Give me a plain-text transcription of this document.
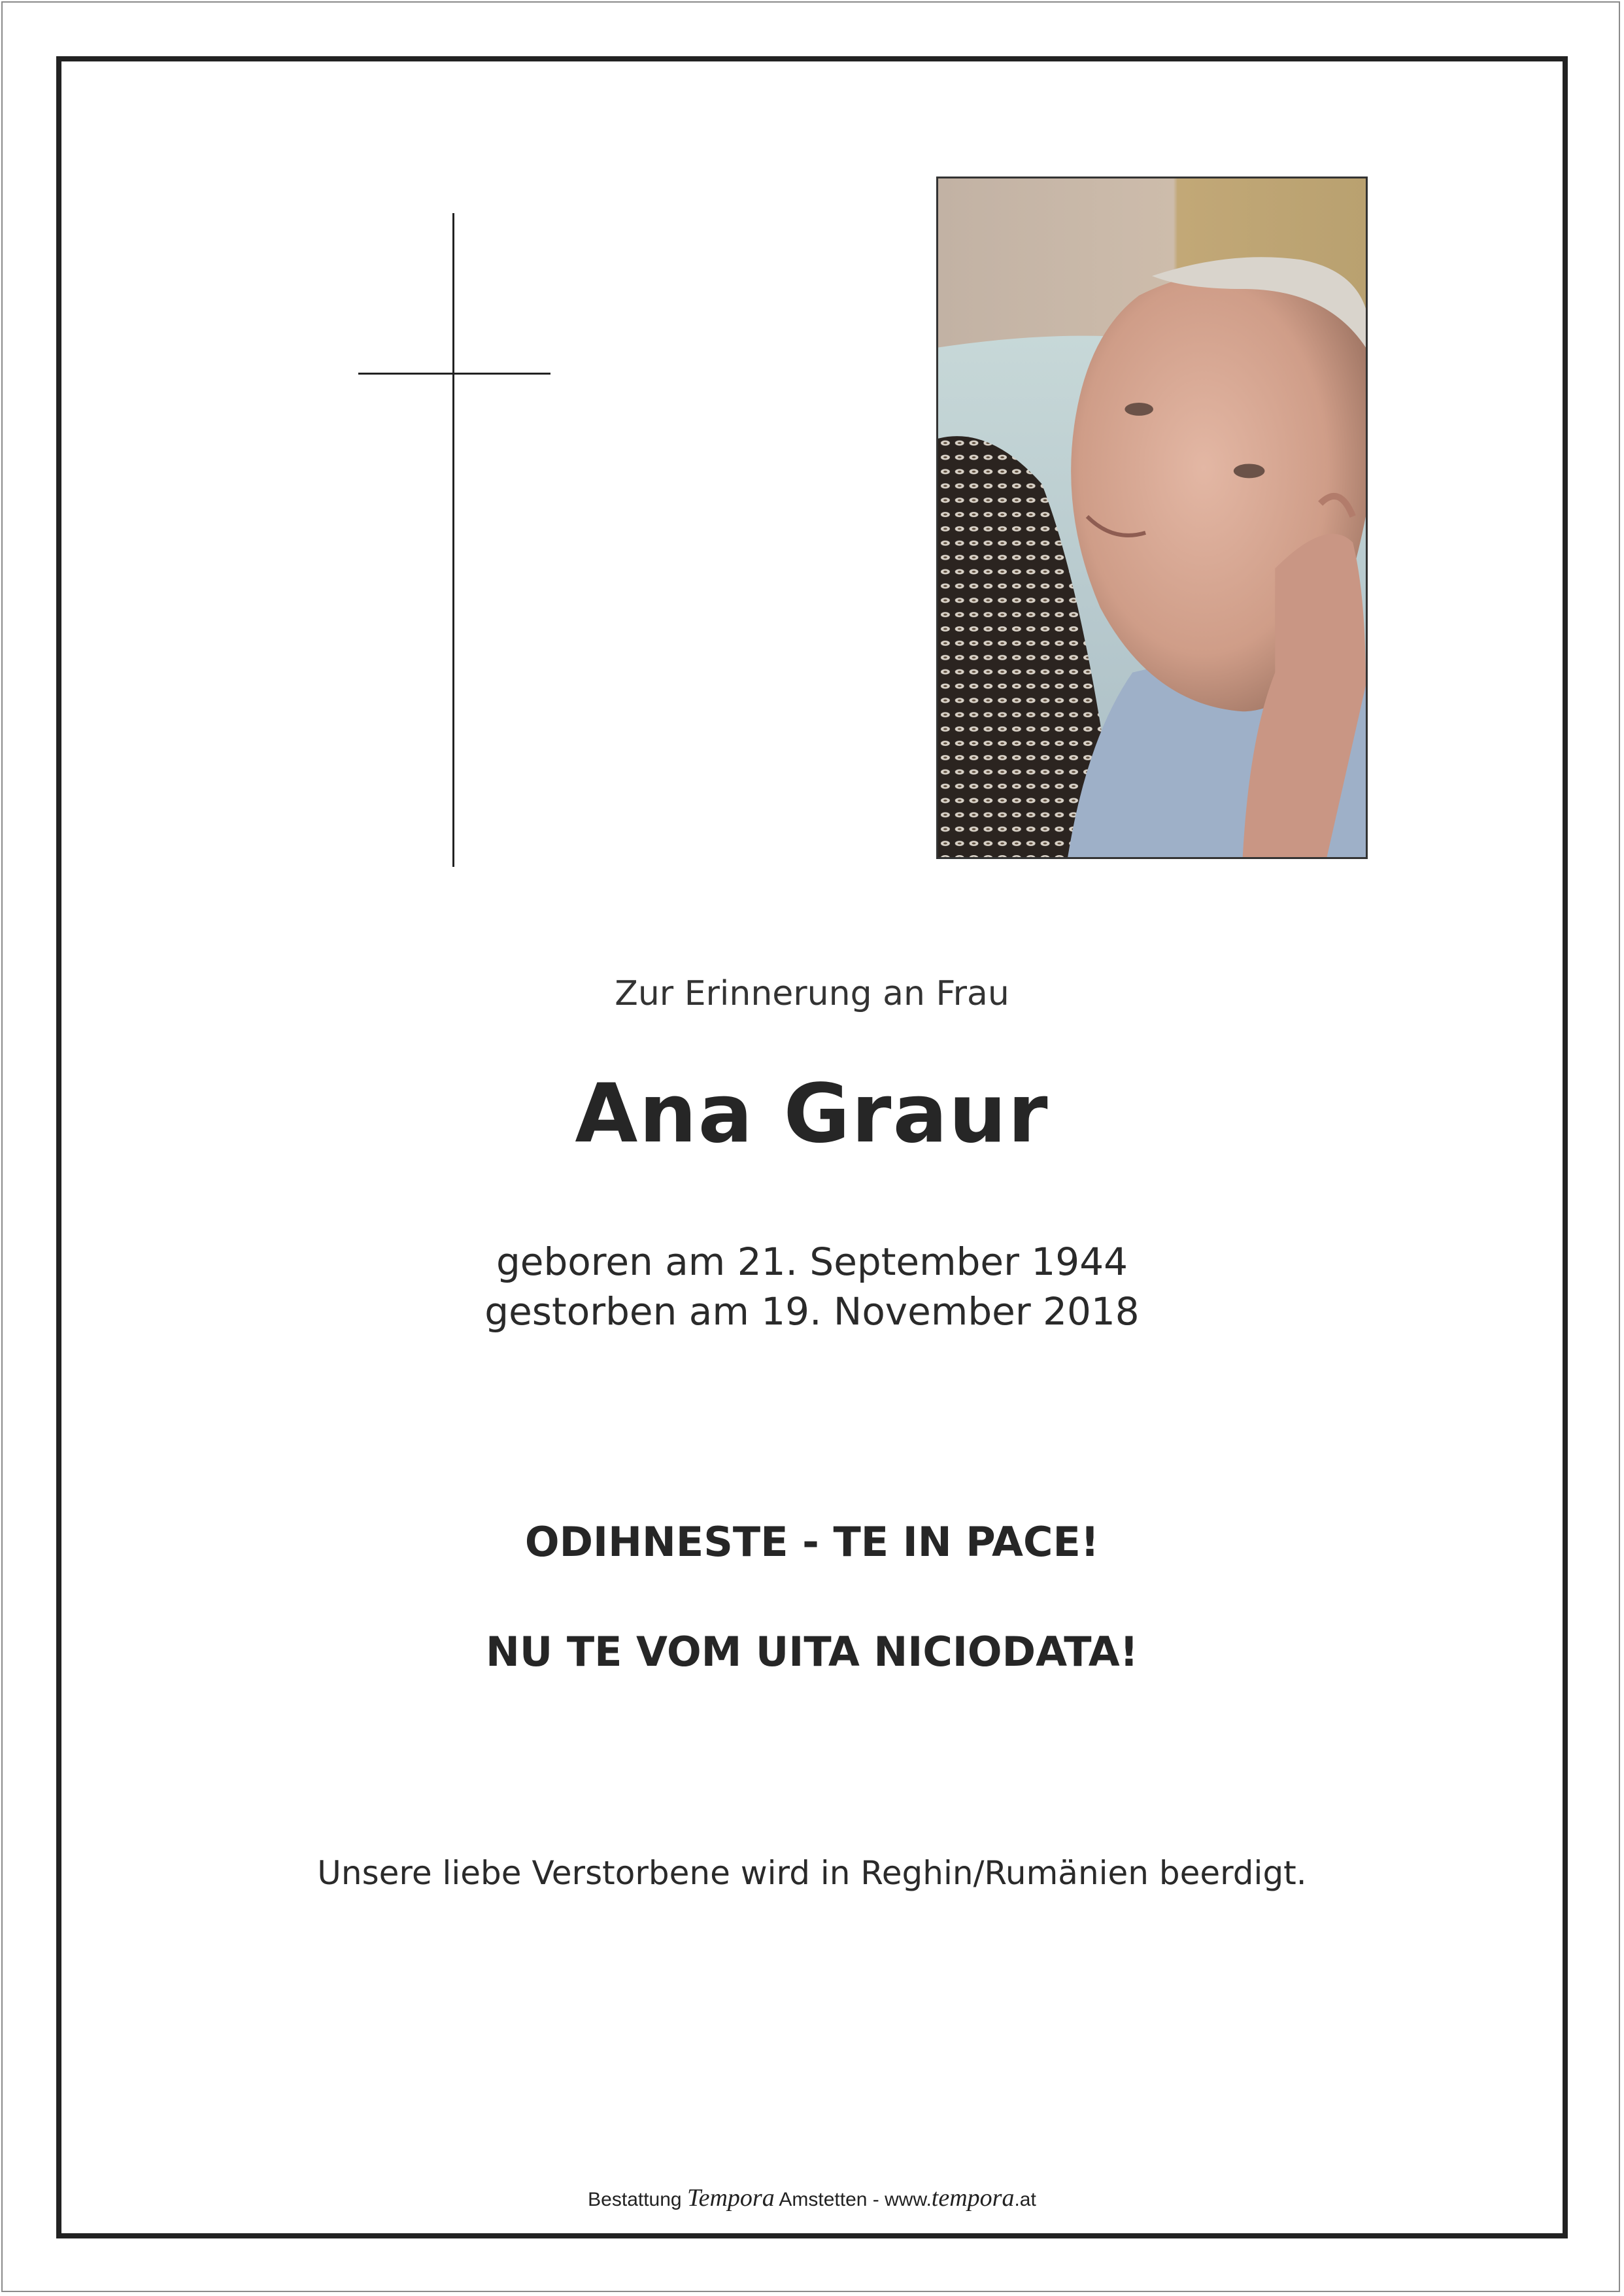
Zur Erinnerung an Frau
Ana Graur
geboren am 21. September 1944
gestorben am 19. November 2018
ODIHNESTE - TE IN PACE!
NU TE VOM UITA NICIODATA!
Unsere liebe Verstorbene wird in Reghin/Rumänien beerdigt.
Bestattung Tempora Amstetten - www.tempora.at
